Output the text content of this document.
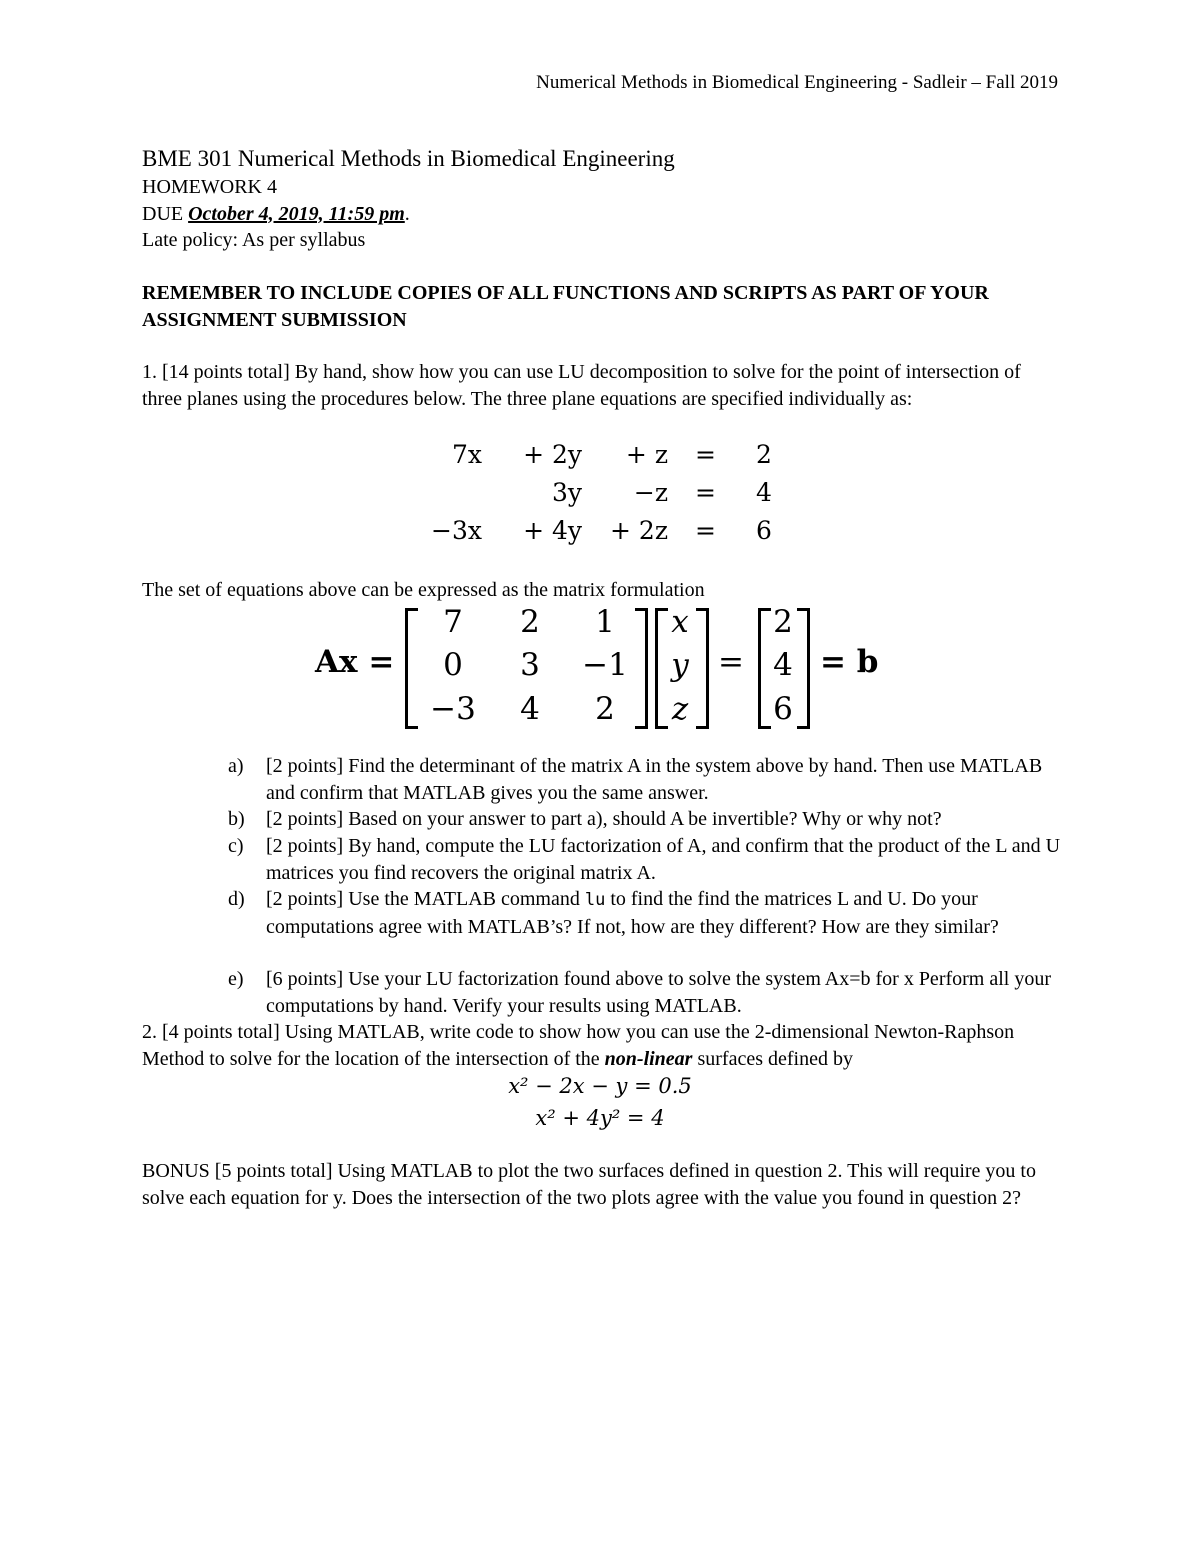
Numerical Methods in Biomedical Engineering - Sadleir – Fall 2019
BME 301 Numerical Methods in Biomedical Engineering
HOMEWORK 4
DUE October 4, 2019, 11:59 pm.
Late policy: As per syllabus
REMEMBER TO INCLUDE COPIES OF ALL FUNCTIONS AND SCRIPTS AS PART OF YOUR ASSIGNMENT SUBMISSION
1. [14 points total] By hand, show how you can use LU decomposition to solve for the point of intersection of three planes using the procedures below. The three plane equations are specified individually as:
7x + 2y + z = 2
3y −z = 4
−3x + 4y + 2z = 6
The set of equations above can be expressed as the matrix formulation
Ax =
7	2	1
0	3	−1
−3	4	2
x
y
z
=
2
4
6
= b
a) [2 points] Find the determinant of the matrix A in the system above by hand. Then use MATLAB and confirm that MATLAB gives you the same answer.
b) [2 points] Based on your answer to part a), should A be invertible? Why or why not?
c) [2 points] By hand, compute the LU factorization of A, and confirm that the product of the L and U matrices you find recovers the original matrix A.
d) [2 points] Use the MATLAB command lu to find the find the matrices L and U. Do your computations agree with MATLAB’s? If not, how are they different? How are they similar?
e) [6 points] Use your LU factorization found above to solve the system Ax=b for x Perform all your computations by hand. Verify your results using MATLAB.
2. [4 points total] Using MATLAB, write code to show how you can use the 2-dimensional Newton-Raphson Method to solve for the location of the intersection of the non-linear surfaces defined by
x² − 2x − y = 0.5
x² + 4y² = 4
BONUS [5 points total] Using MATLAB to plot the two surfaces defined in question 2. This will require you to solve each equation for y. Does the intersection of the two plots agree with the value you found in question 2?
